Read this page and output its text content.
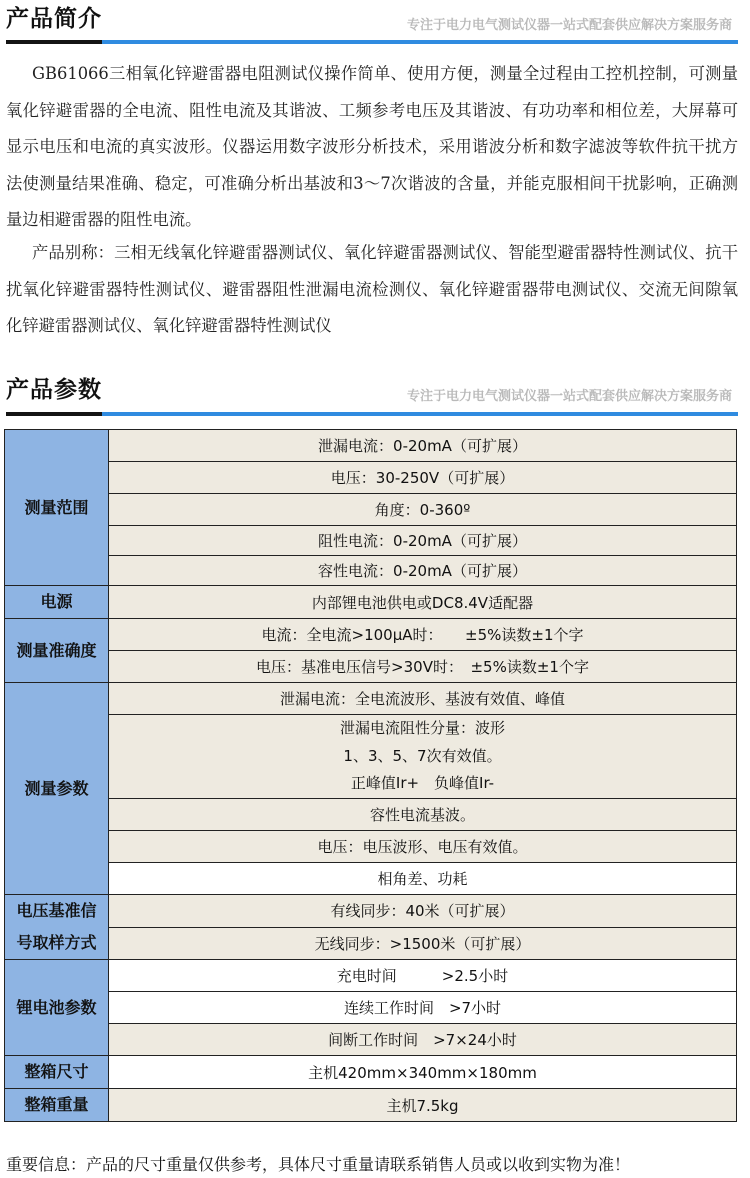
产品简介	专注于电力电气测试仪器一站式配套供应解决方案服务商
GB61066三相氧化锌避雷器电阻测试仪操作简单、使用方便，测量全过程由工控机控制，可测量氧化锌避雷器的全电流、阻性电流及其谐波、工频参考电压及其谐波、有功功率和相位差，大屏幕可显示电压和电流的真实波形。仪器运用数字波形分析技术，采用谐波分析和数字滤波等软件抗干扰方法使测量结果准确、稳定，可准确分析出基波和3～7次谐波的含量，并能克服相间干扰影响，正确测量边相避雷器的阻性电流。
产品别称：三相无线氧化锌避雷器测试仪、氧化锌避雷器测试仪、智能型避雷器特性测试仪、抗干扰氧化锌避雷器特性测试仪、避雷器阻性泄漏电流检测仪、氧化锌避雷器带电测试仪、交流无间隙氧化锌避雷器测试仪、氧化锌避雷器特性测试仪
产品参数	专注于电力电气测试仪器一站式配套供应解决方案服务商
测量范围	泄漏电流：0-20mA（可扩展）
	电压：30-250V（可扩展）
	角度：0-360º
	阻性电流：0-20mA（可扩展）
	容性电流：0-20mA（可扩展）
电源	内部锂电池供电或DC8.4V适配器
测量准确度	电流：全电流>100μA时：　　±5%读数±1个字
	电压：基准电压信号>30V时：　±5%读数±1个字
测量参数	泄漏电流：全电流波形、基波有效值、峰值

	泄漏电流阻性分量：波形
1、3、5、7次有效值。
正峰值Ir+　负峰值Ir-

	容性电流基波。
	电压：电压波形、电压有效值。
	相角差、功耗

电压基准信
号取样方式	有线同步：40米（可扩展）
	无线同步：>1500米（可扩展）
锂电池参数	充电时间　　　>2.5小时
	连续工作时间　>7小时
	间断工作时间　>7×24小时
整箱尺寸	主机420mm×340mm×180mm
整箱重量	主机7.5kg
重要信息：产品的尺寸重量仅供参考，具体尺寸重量请联系销售人员或以收到实物为准！
